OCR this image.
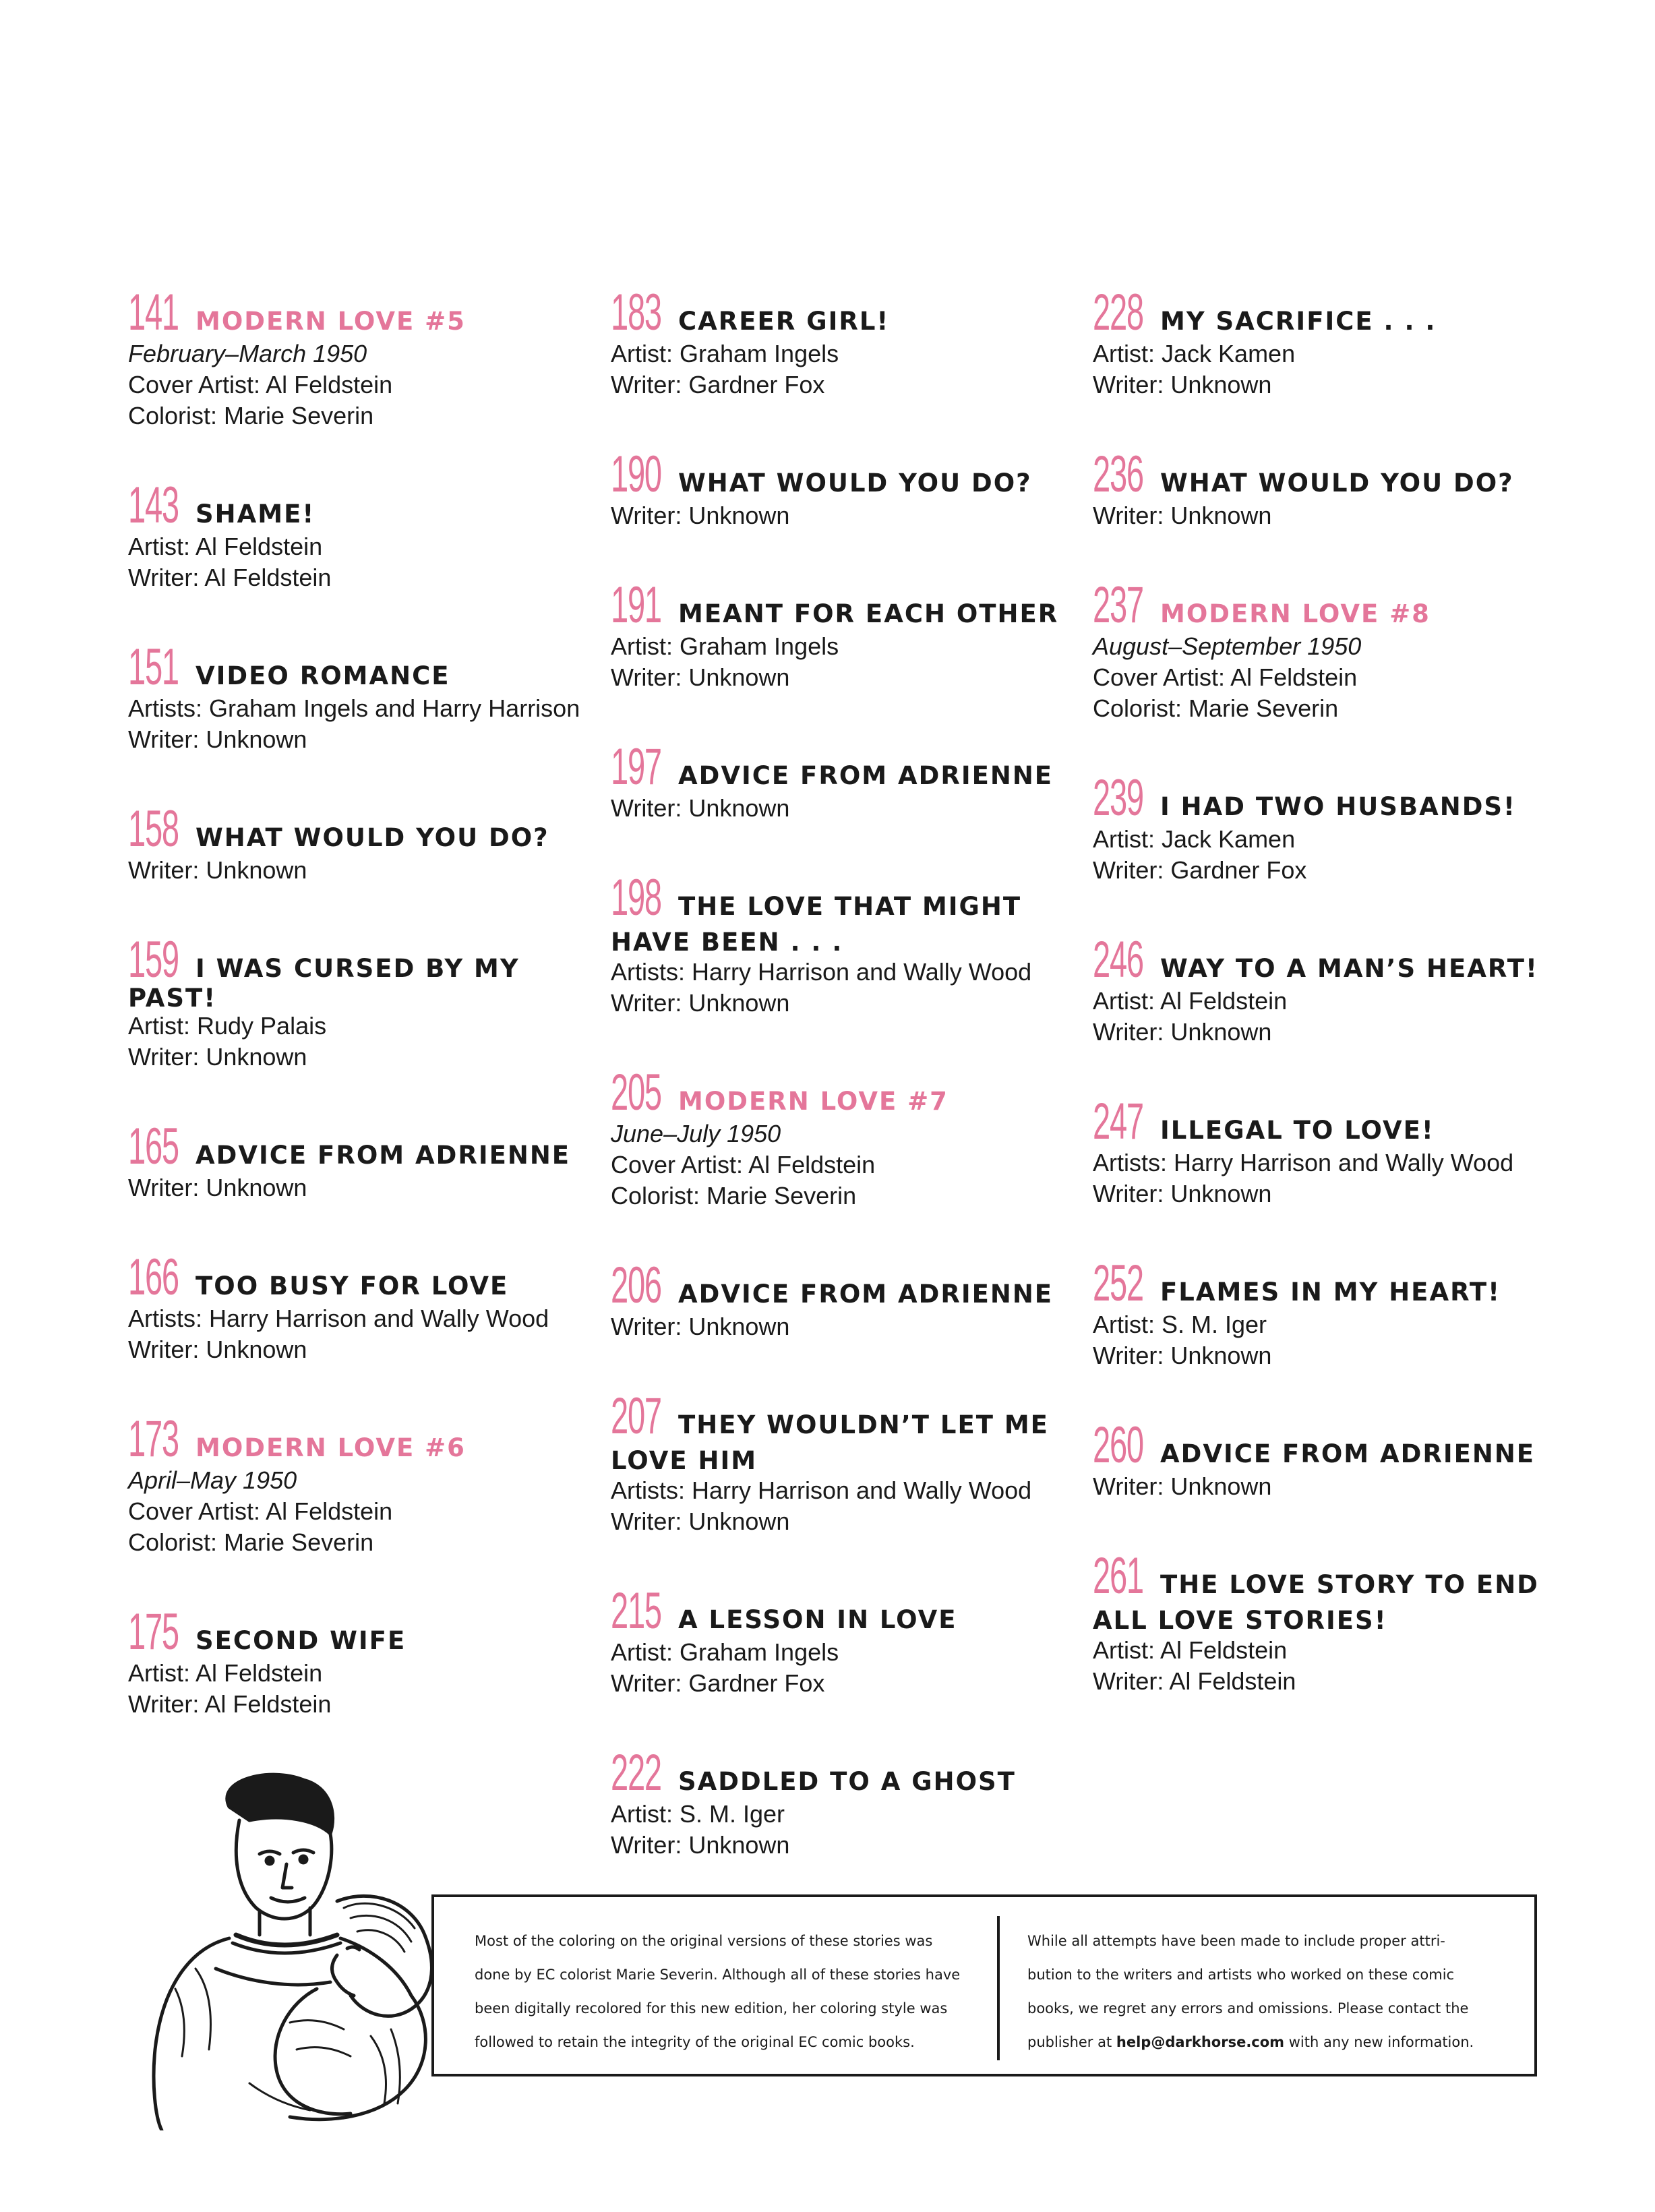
141 MODERN LOVE #5
February–March 1950
Cover Artist: Al Feldstein
Colorist: Marie Severin
143 SHAME!
Artist: Al Feldstein
Writer: Al Feldstein
151 VIDEO ROMANCE
Artists: Graham Ingels and Harry Harrison
Writer: Unknown
158 WHAT WOULD YOU DO?
Writer: Unknown
159 I WAS CURSED BY MY PAST!
Artist: Rudy Palais
Writer: Unknown
165 ADVICE FROM ADRIENNE
Writer: Unknown
166 TOO BUSY FOR LOVE
Artists: Harry Harrison and Wally Wood
Writer: Unknown
173 MODERN LOVE #6
April–May 1950
Cover Artist: Al Feldstein
Colorist: Marie Severin
175 SECOND WIFE
Artist: Al Feldstein
Writer: Al Feldstein
183 CAREER GIRL!
Artist: Graham Ingels
Writer: Gardner Fox
190 WHAT WOULD YOU DO?
Writer: Unknown
191 MEANT FOR EACH OTHER
Artist: Graham Ingels
Writer: Unknown
197 ADVICE FROM ADRIENNE
Writer: Unknown
198 THE LOVE THAT MIGHT
HAVE BEEN . . .
Artists: Harry Harrison and Wally Wood
Writer: Unknown
205 MODERN LOVE #7
June–July 1950
Cover Artist: Al Feldstein
Colorist: Marie Severin
206 ADVICE FROM ADRIENNE
Writer: Unknown
207 THEY WOULDN’T LET ME
LOVE HIM
Artists: Harry Harrison and Wally Wood
Writer: Unknown
215 A LESSON IN LOVE
Artist: Graham Ingels
Writer: Gardner Fox
222 SADDLED TO A GHOST
Artist: S. M. Iger
Writer: Unknown
228 MY SACRIFICE . . .
Artist: Jack Kamen
Writer: Unknown
236 WHAT WOULD YOU DO?
Writer: Unknown
237 MODERN LOVE #8
August–September 1950
Cover Artist: Al Feldstein
Colorist: Marie Severin
239 I HAD TWO HUSBANDS!
Artist: Jack Kamen
Writer: Gardner Fox
246 WAY TO A MAN’S HEART!
Artist: Al Feldstein
Writer: Unknown
247 ILLEGAL TO LOVE!
Artists: Harry Harrison and Wally Wood
Writer: Unknown
252 FLAMES IN MY HEART!
Artist: S. M. Iger
Writer: Unknown
260 ADVICE FROM ADRIENNE
Writer: Unknown
261 THE LOVE STORY TO END
ALL LOVE STORIES!
Artist: Al Feldstein
Writer: Al Feldstein
Most of the coloring on the original versions of these stories was
done by EC colorist Marie Severin. Although all of these stories have
been digitally recolored for this new edition, her coloring style was
followed to retain the integrity of the original EC comic books.
While all attempts have been made to include proper attri-
bution to the writers and artists who worked on these comic
books, we regret any errors and omissions. Please contact the
publisher at help@darkhorse.com with any new information.
